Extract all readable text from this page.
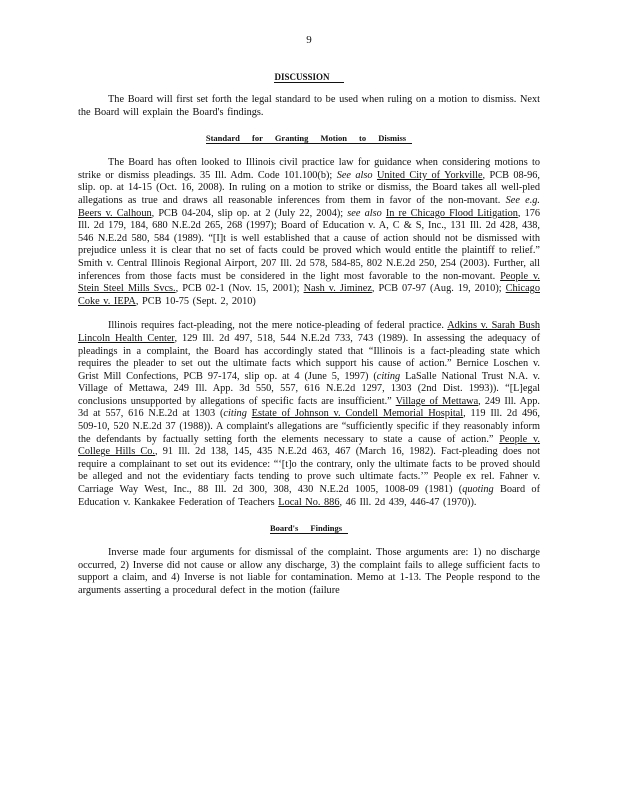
9
DISCUSSION

The Board will first set forth the legal standard to be used when ruling on a motion to dismiss. Next the Board will explain the Board's findings.

Standard for Granting Motion to Dismiss

The Board has often looked to Illinois civil practice law for guidance when considering motions to strike or dismiss pleadings. 35 Ill. Adm. Code 101.100(b); See also United City of Yorkville, PCB 08-96, slip. op. at 14-15 (Oct. 16, 2008). In ruling on a motion to strike or dismiss, the Board takes all well-pled allegations as true and draws all reasonable inferences from them in favor of the non-movant. See e.g. Beers v. Calhoun, PCB 04-204, slip op. at 2 (July 22, 2004); see also In re Chicago Flood Litigation, 176 Ill. 2d 179, 184, 680 N.E.2d 265, 268 (1997); Board of Education v. A, C & S, Inc., 131 Ill. 2d 428, 438, 546 N.E.2d 580, 584 (1989). “[I]t is well established that a cause of action should not be dismissed with prejudice unless it is clear that no set of facts could be proved which would entitle the plaintiff to relief.” Smith v. Central Illinois Regional Airport, 207 Ill. 2d 578, 584-85, 802 N.E.2d 250, 254 (2003). Further, all inferences from those facts must be considered in the light most favorable to the non-movant. People v. Stein Steel Mills Svcs., PCB 02-1 (Nov. 15, 2001); Nash v. Jiminez, PCB 07-97 (Aug. 19, 2010); Chicago Coke v. IEPA, PCB 10-75 (Sept. 2, 2010)

Illinois requires fact-pleading, not the mere notice-pleading of federal practice. Adkins v. Sarah Bush Lincoln Health Center, 129 Ill. 2d 497, 518, 544 N.E.2d 733, 743 (1989). In assessing the adequacy of pleadings in a complaint, the Board has accordingly stated that “Illinois is a fact-pleading state which requires the pleader to set out the ultimate facts which support his cause of action.” Bernice Loschen v. Grist Mill Confections, PCB 97-174, slip op. at 4 (June 5, 1997) (citing LaSalle National Trust N.A. v. Village of Mettawa, 249 Ill. App. 3d 550, 557, 616 N.E.2d 1297, 1303 (2nd Dist. 1993)). “[L]egal conclusions unsupported by allegations of specific facts are insufficient.” Village of Mettawa, 249 Ill. App. 3d at 557, 616 N.E.2d at 1303 (citing Estate of Johnson v. Condell Memorial Hospital, 119 Ill. 2d 496, 509-10, 520 N.E.2d 37 (1988)). A complaint's allegations are “sufficiently specific if they reasonably inform the defendants by factually setting forth the elements necessary to state a cause of action.” People v. College Hills Co., 91 Ill. 2d 138, 145, 435 N.E.2d 463, 467 (March 16, 1982). Fact-pleading does not require a complainant to set out its evidence: “‘[t]o the contrary, only the ultimate facts to be proved should be alleged and not the evidentiary facts tending to prove such ultimate facts.’” People ex rel. Fahner v. Carriage Way West, Inc., 88 Ill. 2d 300, 308, 430 N.E.2d 1005, 1008-09 (1981) (quoting Board of Education v. Kankakee Federation of Teachers Local No. 886, 46 Ill. 2d 439, 446-47 (1970)).

Board's Findings

Inverse made four arguments for dismissal of the complaint. Those arguments are: 1) no discharge occurred, 2) Inverse did not cause or allow any discharge, 3) the complaint fails to allege sufficient facts to support a claim, and 4) Inverse is not liable for contamination. Memo at 1-13. The People respond to the arguments asserting a procedural defect in the motion (failure
